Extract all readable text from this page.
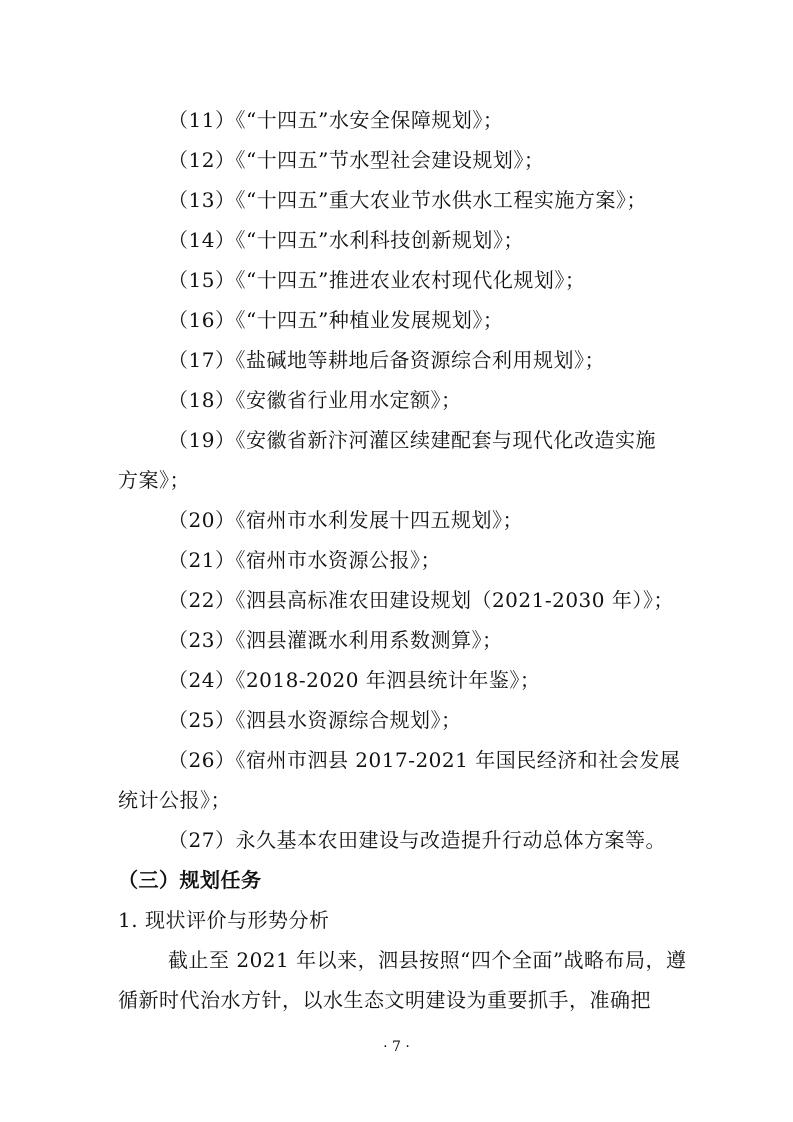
（11）《“十四五”水安全保障规划》；
（12）《“十四五”节水型社会建设规划》；
（13）《“十四五”重大农业节水供水工程实施方案》；
（14）《“十四五”水利科技创新规划》；
（15）《“十四五”推进农业农村现代化规划》；
（16）《“十四五”种植业发展规划》；
（17）《盐碱地等耕地后备资源综合利用规划》；
（18）《安徽省行业用水定额》；
（19）《安徽省新汴河灌区续建配套与现代化改造实施
方案》；
（20）《宿州市水利发展十四五规划》；
（21）《宿州市水资源公报》；
（22）《泗县高标准农田建设规划（2021-2030 年）》；
（23）《泗县灌溉水利用系数测算》；
（24）《2018-2020 年泗县统计年鉴》；
（25）《泗县水资源综合规划》；
（26）《宿州市泗县 2017-2021 年国民经济和社会发展
统计公报》；
（27）永久基本农田建设与改造提升行动总体方案等。
（三）规划任务
1. 现状评价与形势分析
截止至 2021 年以来，泗县按照“四个全面”战略布局，遵
循新时代治水方针，以水生态文明建设为重要抓手，准确把
· 7 ·
